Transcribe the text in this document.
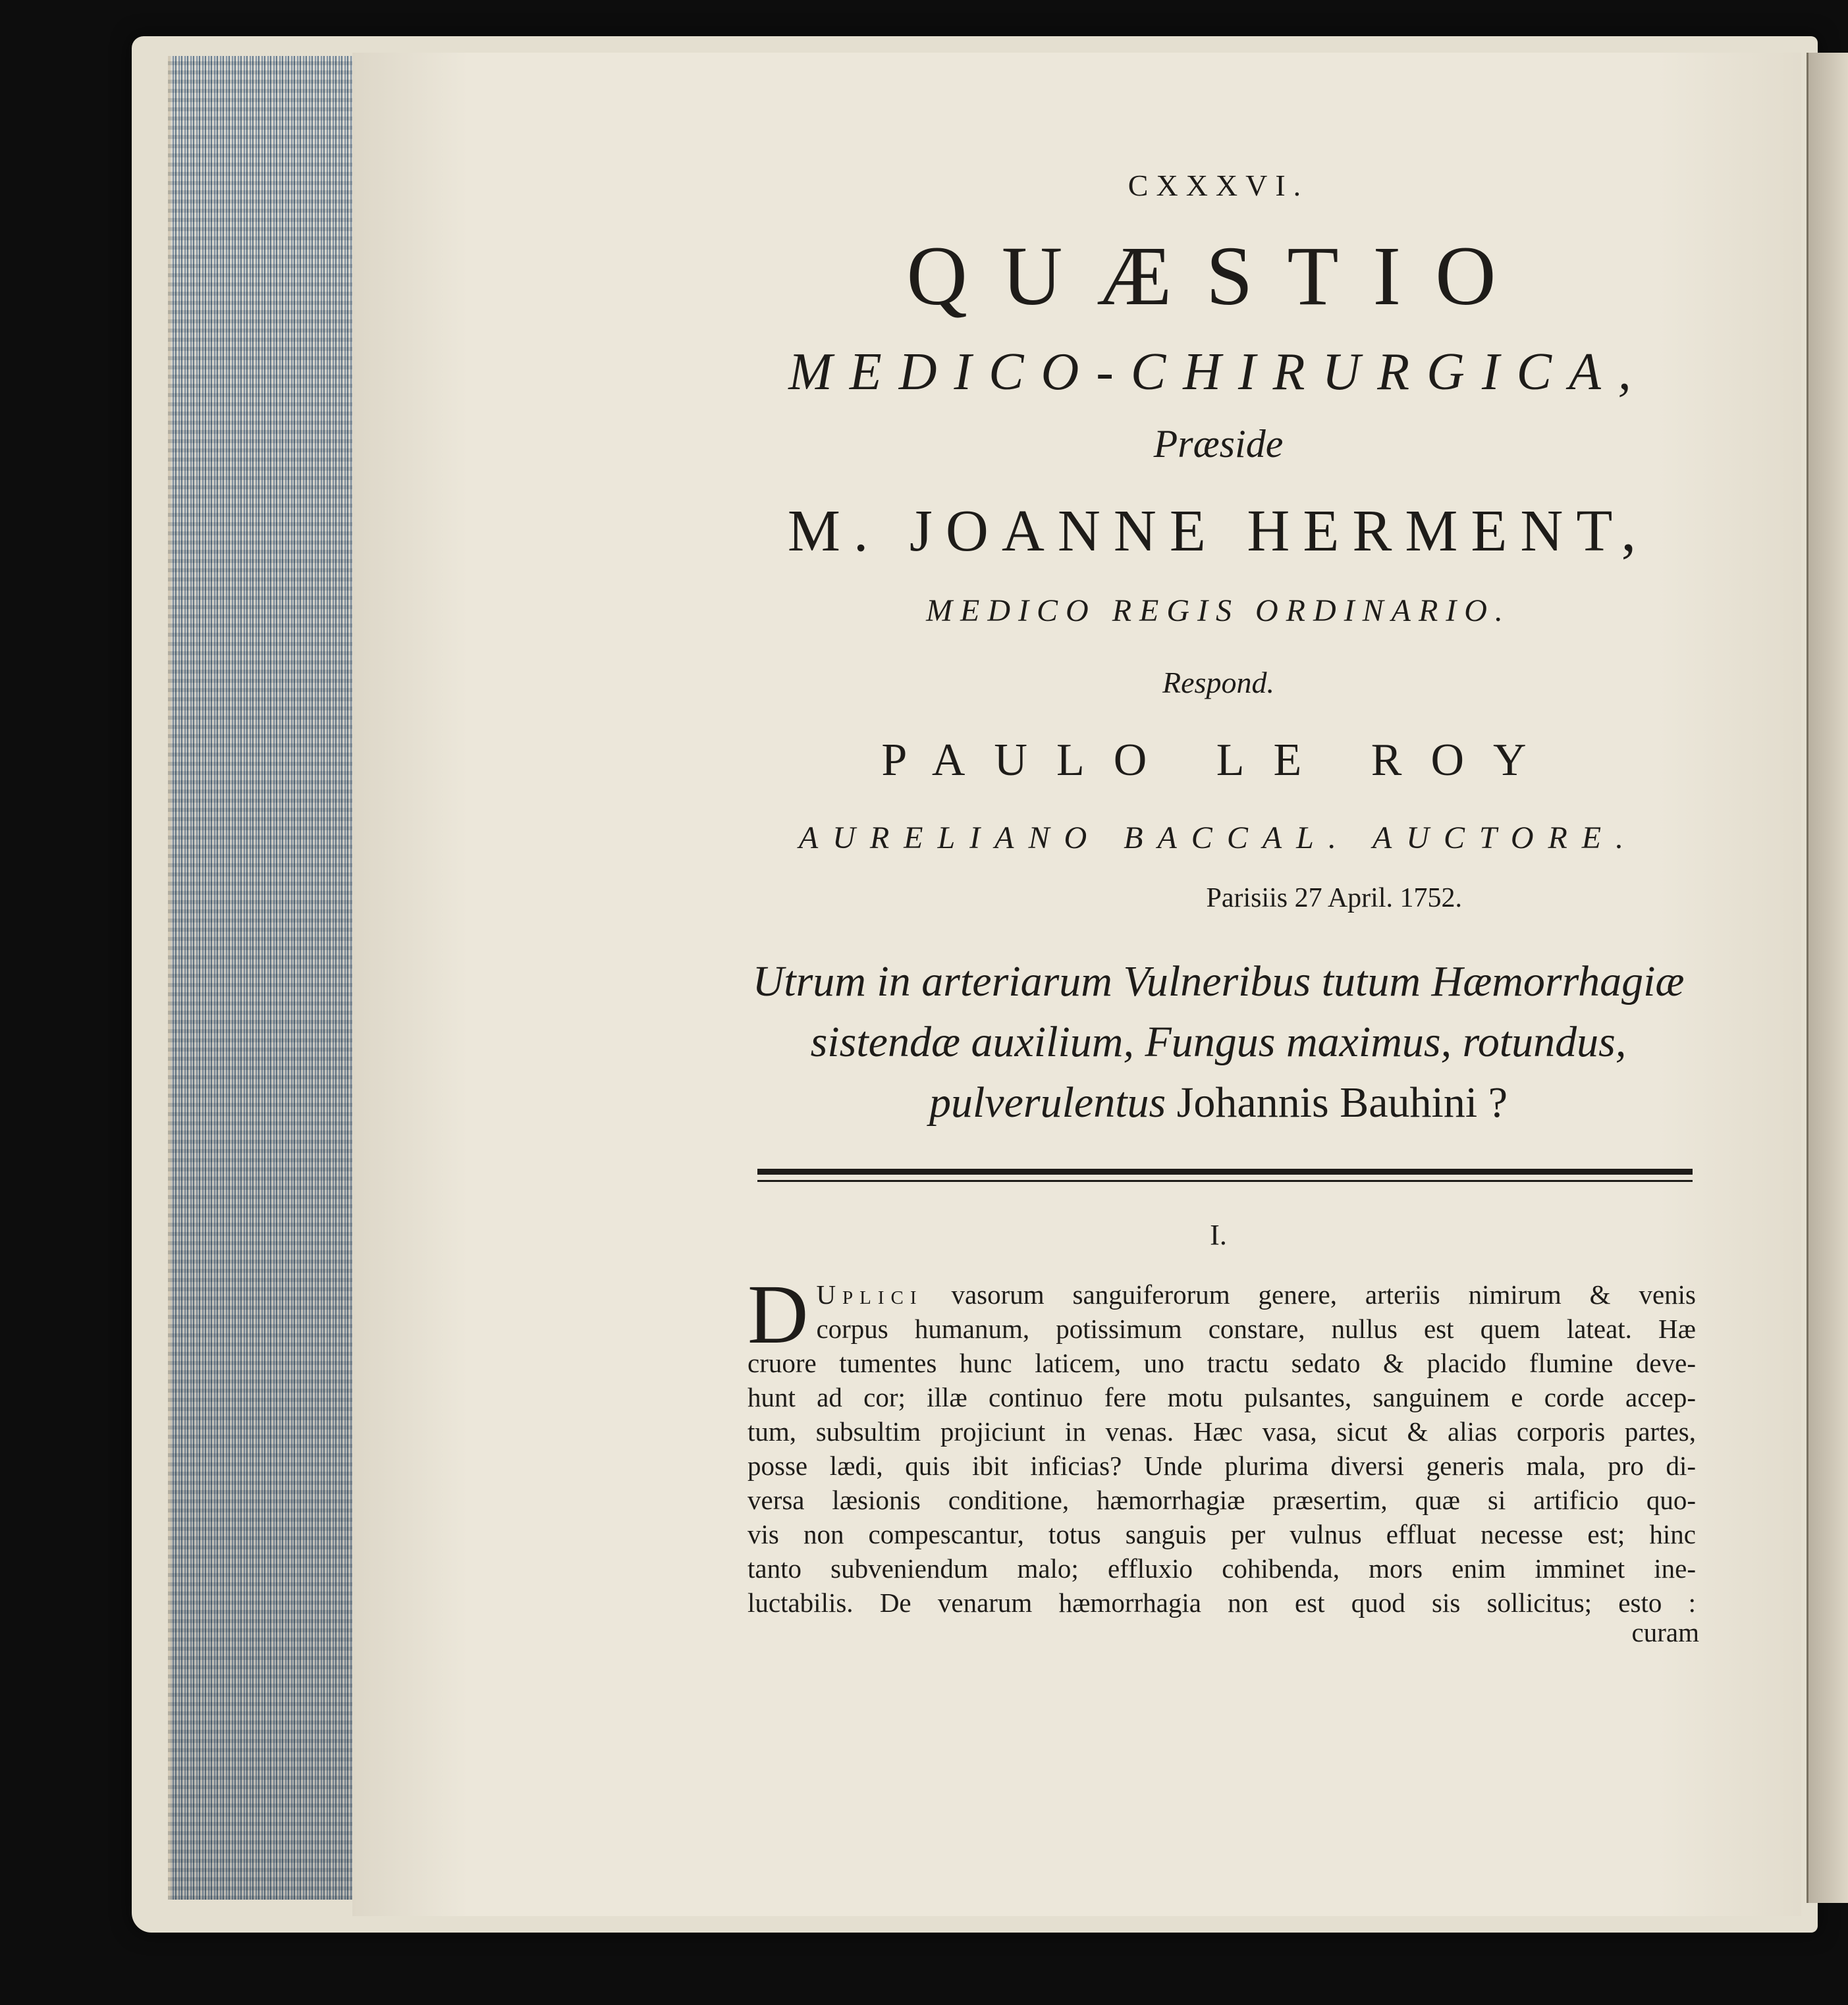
CXXXVI.
QUÆSTIO
MEDICO-CHIRURGICA,
Præside
M. JOANNE HERMENT,
MEDICO REGIS ORDINARIO.
Respond.
PAULO LE ROY
AURELIANO BACCAL. AUCTORE.
Parisiis 27 April. 1752.
Utrum in arteriarum Vulneribus tutum Hæmorrhagiæ
sistendæ auxilium, Fungus maximus, rotundus,
pulverulentus Johannis Bauhini ?
I.
D Uplici vasorum sanguiferorum genere, arteriis nimirum & venis
corpus humanum, potissimum constare, nullus est quem lateat. Hæ
cruore tumentes hunc laticem, uno tractu sedato & placido flumine deve-
hunt ad cor; illæ continuo fere motu pulsantes, sanguinem e corde accep-
tum, subsultim projiciunt in venas. Hæc vasa, sicut & alias corporis partes,
posse lædi, quis ibit inficias? Unde plurima diversi generis mala, pro di-
versa læsionis conditione, hæmorrhagiæ præsertim, quæ si artificio quo-
vis non compescantur, totus sanguis per vulnus effluat necesse est; hinc
tanto subveniendum malo; effluxio cohibenda, mors enim imminet ine-
luctabilis. De venarum hæmorrhagia non est quod sis sollicitus; esto :
curam
